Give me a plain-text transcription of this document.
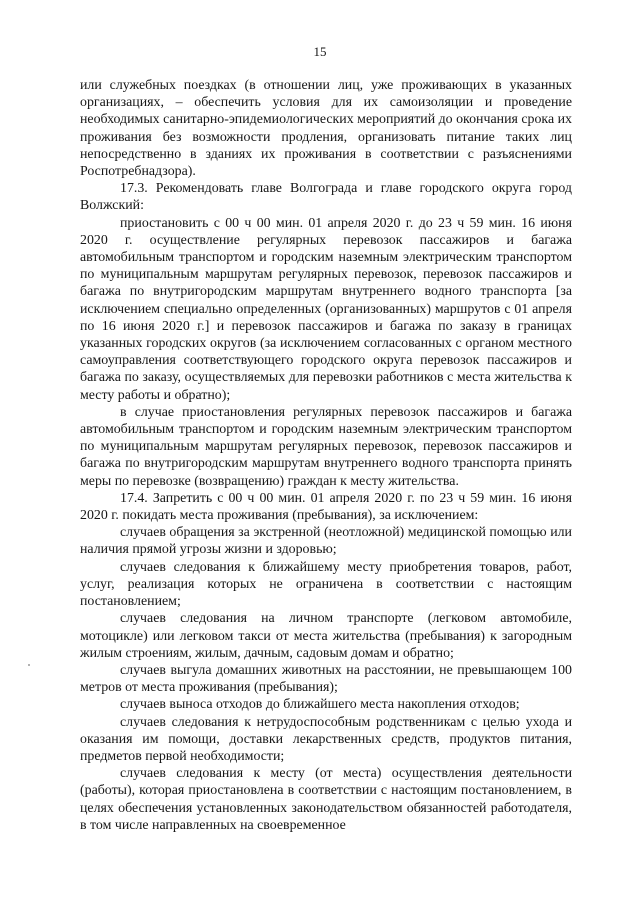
15

или служебных поездках (в отношении лиц, уже проживающих в указанных организациях, – обеспечить условия для их самоизоляции и проведение необходимых санитарно-эпидемиологических мероприятий до окончания срока их проживания без возможности продления, организовать питание таких лиц непосредственно в зданиях их проживания в соответствии с разъяснениями Роспотребнадзора).

17.3. Рекомендовать главе Волгограда и главе городского округа город Волжский:

приостановить с 00 ч 00 мин. 01 апреля 2020 г. до 23 ч 59 мин. 16 июня 2020 г. осуществление регулярных перевозок пассажиров и багажа автомобильным транспортом и городским наземным электрическим транспортом по муниципальным маршрутам регулярных перевозок, перевозок пассажиров и багажа по внутригородским маршрутам внутреннего водного транспорта [за исключением специально определенных (организованных) маршрутов с 01 апреля по 16 июня 2020 г.] и перевозок пассажиров и багажа по заказу в границах указанных городских округов (за исключением согласованных с органом местного самоуправления соответствующего городского округа перевозок пассажиров и багажа по заказу, осуществляемых для перевозки работников с места жительства к месту работы и обратно);

в случае приостановления регулярных перевозок пассажиров и багажа автомобильным транспортом и городским наземным электрическим транспортом по муниципальным маршрутам регулярных перевозок, перевозок пассажиров и багажа по внутригородским маршрутам внутреннего водного транспорта принять меры по перевозке (возвращению) граждан к месту жительства.

17.4. Запретить с 00 ч 00 мин. 01 апреля 2020 г. по 23 ч 59 мин. 16 июня 2020 г. покидать места проживания (пребывания), за исключением:

случаев обращения за экстренной (неотложной) медицинской помощью или наличия прямой угрозы жизни и здоровью;

случаев следования к ближайшему месту приобретения товаров, работ, услуг, реализация которых не ограничена в соответствии с настоящим постановлением;

случаев следования на личном транспорте (легковом автомобиле, мотоцикле) или легковом такси от места жительства (пребывания) к загородным жилым строениям, жилым, дачным, садовым домам и обратно;

случаев выгула домашних животных на расстоянии, не превышающем 100 метров от места проживания (пребывания);

случаев выноса отходов до ближайшего места накопления отходов;

случаев следования к нетрудоспособным родственникам с целью ухода и оказания им помощи, доставки лекарственных средств, продуктов питания, предметов первой необходимости;

случаев следования к месту (от места) осуществления деятельности (работы), которая приостановлена в соответствии с настоящим постановлением, в целях обеспечения установленных законодательством обязанностей работодателя, в том числе направленных на своевременное
